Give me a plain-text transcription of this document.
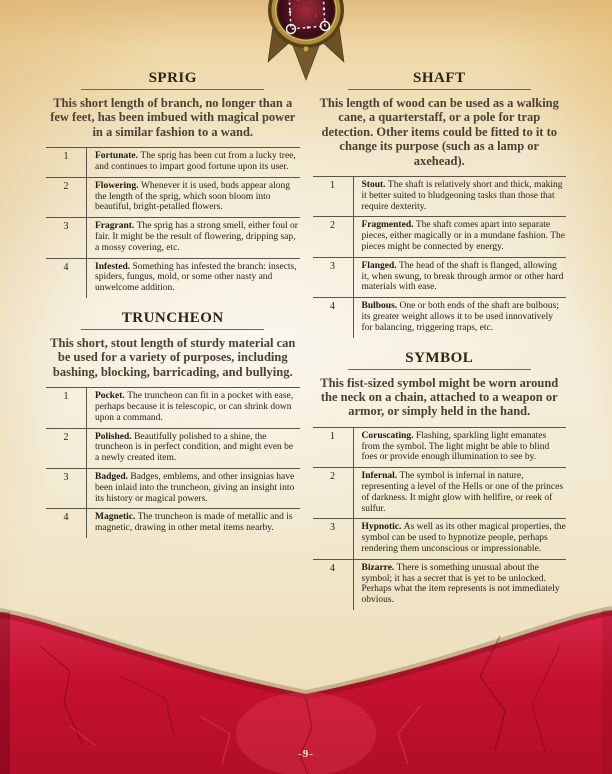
SPRIG

This short length of branch, no longer than a few feet, has been imbued with magical power in a similar fashion to a wand.

1	Fortunate. The sprig has been cut from a lucky tree, and continues to impart good fortune upon its user.
2	Flowering. Whenever it is used, buds appear along the length of the sprig, which soon bloom into beautiful, bright-petalled flowers.
3	Fragrant. The sprig has a strong smell, either foul or fair. It might be the result of flowering, dripping sap, a mossy covering, etc.
4	Infested. Something has infested the branch: insects, spiders, fungus, mold, or some other nasty and unwelcome addition.
TRUNCHEON

This short, stout length of sturdy material can be used for a variety of purposes, including bashing, blocking, barricading, and bullying.

1	Pocket. The truncheon can fit in a pocket with ease, perhaps because it is telescopic, or can shrink down upon a command.
2	Polished. Beautifully polished to a shine, the truncheon is in perfect condition, and might even be a newly created item.
3	Badged. Badges, emblems, and other insignias have been inlaid into the truncheon, giving an insight into its history or magical powers.
4	Magnetic. The truncheon is made of metallic and is magnetic, drawing in other metal items nearby.
SHAFT

This length of wood can be used as a walking cane, a quarterstaff, or a pole for trap detection. Other items could be fitted to it to change its purpose (such as a lamp or axehead).

1	Stout. The shaft is relatively short and thick, making it better suited to bludgeoning tasks than those that require dexterity.
2	Fragmented. The shaft comes apart into separate pieces, either magically or in a mundane fashion. The pieces might be connected by energy.
3	Flanged. The head of the shaft is flanged, allowing it, when swung, to break through armor or other hard materials with ease.
4	Bulbous. One or both ends of the shaft are bulbous; its greater weight allows it to be used innovatively for balancing, triggering traps, etc.
SYMBOL

This fist-sized symbol might be worn around the neck on a chain, attached to a weapon or armor, or simply held in the hand.

1	Coruscating. Flashing, sparkling light emanates from the symbol. The light might be able to blind foes or provide enough illumination to see by.
2	Infernal. The symbol is infernal in nature, representing a level of the Hells or one of the princes of darkness. It might glow with hellfire, or reek of sulfur.
3	Hypnotic. As well as its other magical properties, the symbol can be used to hypnotize people, perhaps rendering them unconscious or impressionable.
4	Bizarre. There is something unusual about the symbol; it has a secret that is yet to be unlocked. Perhaps what the item represents is not immediately obvious.
-9-
